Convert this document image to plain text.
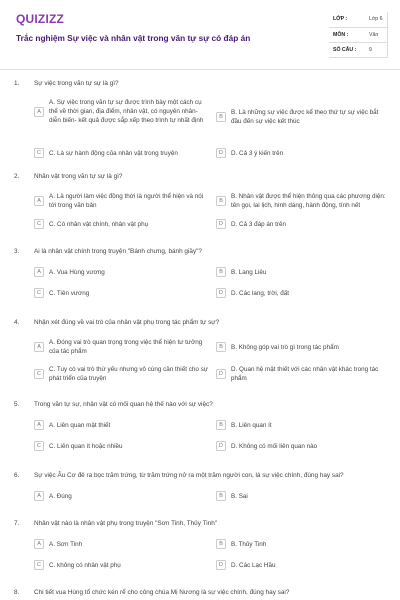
QUIZIZZ
Trắc nghiệm Sự việc và nhân vật trong văn tự sự có đáp án
LỚP :	Lớp 6
MÔN :	Văn
SỐ CÂU : 9
1. Sự việc trong văn tự sự là gì?
A
A. Sự việc trong văn tự sự được trình bày một cách cụ thể về thời gian, địa điểm, nhân vật, có nguyên nhân- diễn biến- kết quả được sắp xếp theo trình tự nhất định
B
B. Là những sự việc được kể theo thứ tự sự việc bắt đầu đến sự việc kết thúc
C	C. Là sự hành động của nhân vật trong truyện	D	D. Cả 3 ý kiến trên
2. Nhân vật trong văn tự sự là gì?
A
A. Là người làm việc đồng thời là người thể hiện và nói tới trong văn bản
B
B. Nhân vật được thể hiện thông qua các phương diện: tên gọi, lai lịch, hình dáng, hành động, tính nết
C	C. Có nhân vật chính, nhân vật phụ	D	D. Cả 3 đáp án trên
3. Ai là nhân vật chính trong truyện "Bánh chưng, bánh giầy"?
A	A. Vua Hùng vương	B	B. Lang Liêu
C	C. Tiên vương	D	D. Các lang, trời, đất
4. Nhận xét đúng về vai trò của nhân vật phụ trong tác phẩm tự sự?
A
A. Đóng vai trò quan trọng trong việc thể hiện tư tưởng của tác phẩm
B	B. Không góp vai trò gì trong tác phẩm
C
C. Tuy có vai trò thứ yếu nhưng vô cùng cần thiết cho sự phát triển của truyện
D
D. Quan hệ mật thiết với các nhân vật khác trong tác phẩm
5. Trong văn tự sự, nhân vật có mối quan hệ thế nào với sự việc?
A	A. Liên quan mật thiết	B	B. Liên quan ít
C	C. Liên quan ít hoặc nhiều	D	D. Không có mối liên quan nào
6. Sự việc Âu Cơ đẻ ra bọc trăm trứng, từ trăm trứng nở ra một trăm người con, là sự việc chính, đúng hay sai?
A	A. Đúng	B	B. Sai
7. Nhân vật nào là nhân vật phụ trong truyện "Sơn Tinh, Thủy Tinh"
A	A. Sơn Tinh	B	B. Thủy Tinh
C	C. không có nhân vật phụ	D	D. Các Lạc Hầu
8. Chi tiết vua Hùng tổ chức kén rể cho công chúa Mị Nương là sự việc chính, đúng hay sai?
